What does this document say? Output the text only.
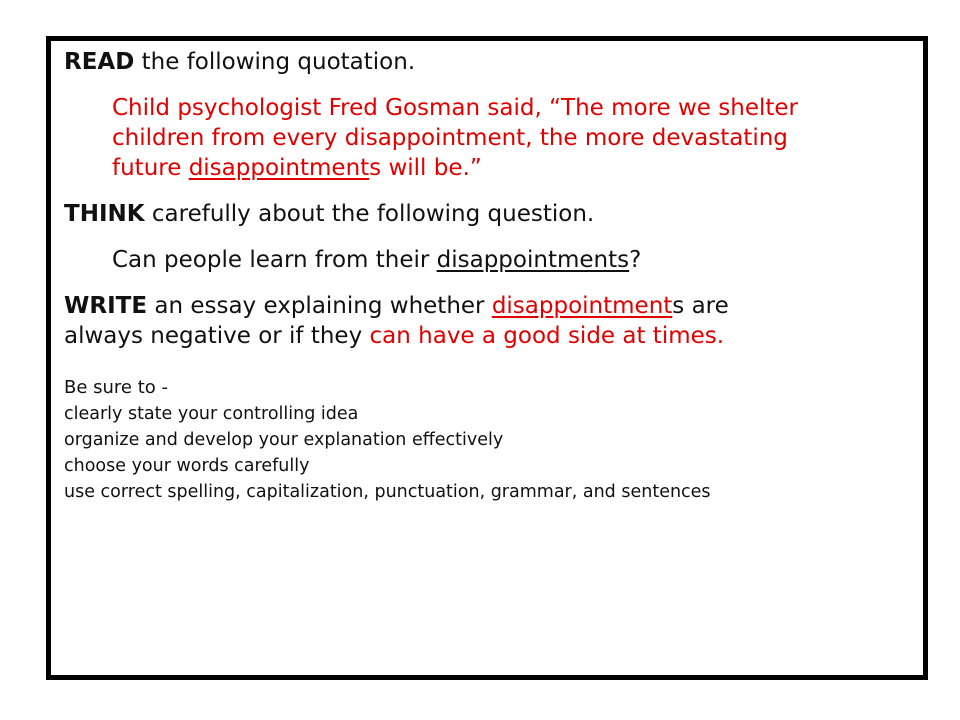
READ the following quotation.

Child psychologist Fred Gosman said, “The more we shelter

children from every disappointment, the more devastating

future disappointments will be.”

THINK carefully about the following question.

Can people learn from their disappointments?

WRITE an essay explaining whether disappointments are

always negative or if they can have a good side at times.

Be sure to -

clearly state your controlling idea
organize and develop your explanation effectively
choose your words carefully
use correct spelling, capitalization, punctuation, grammar, and sentences
